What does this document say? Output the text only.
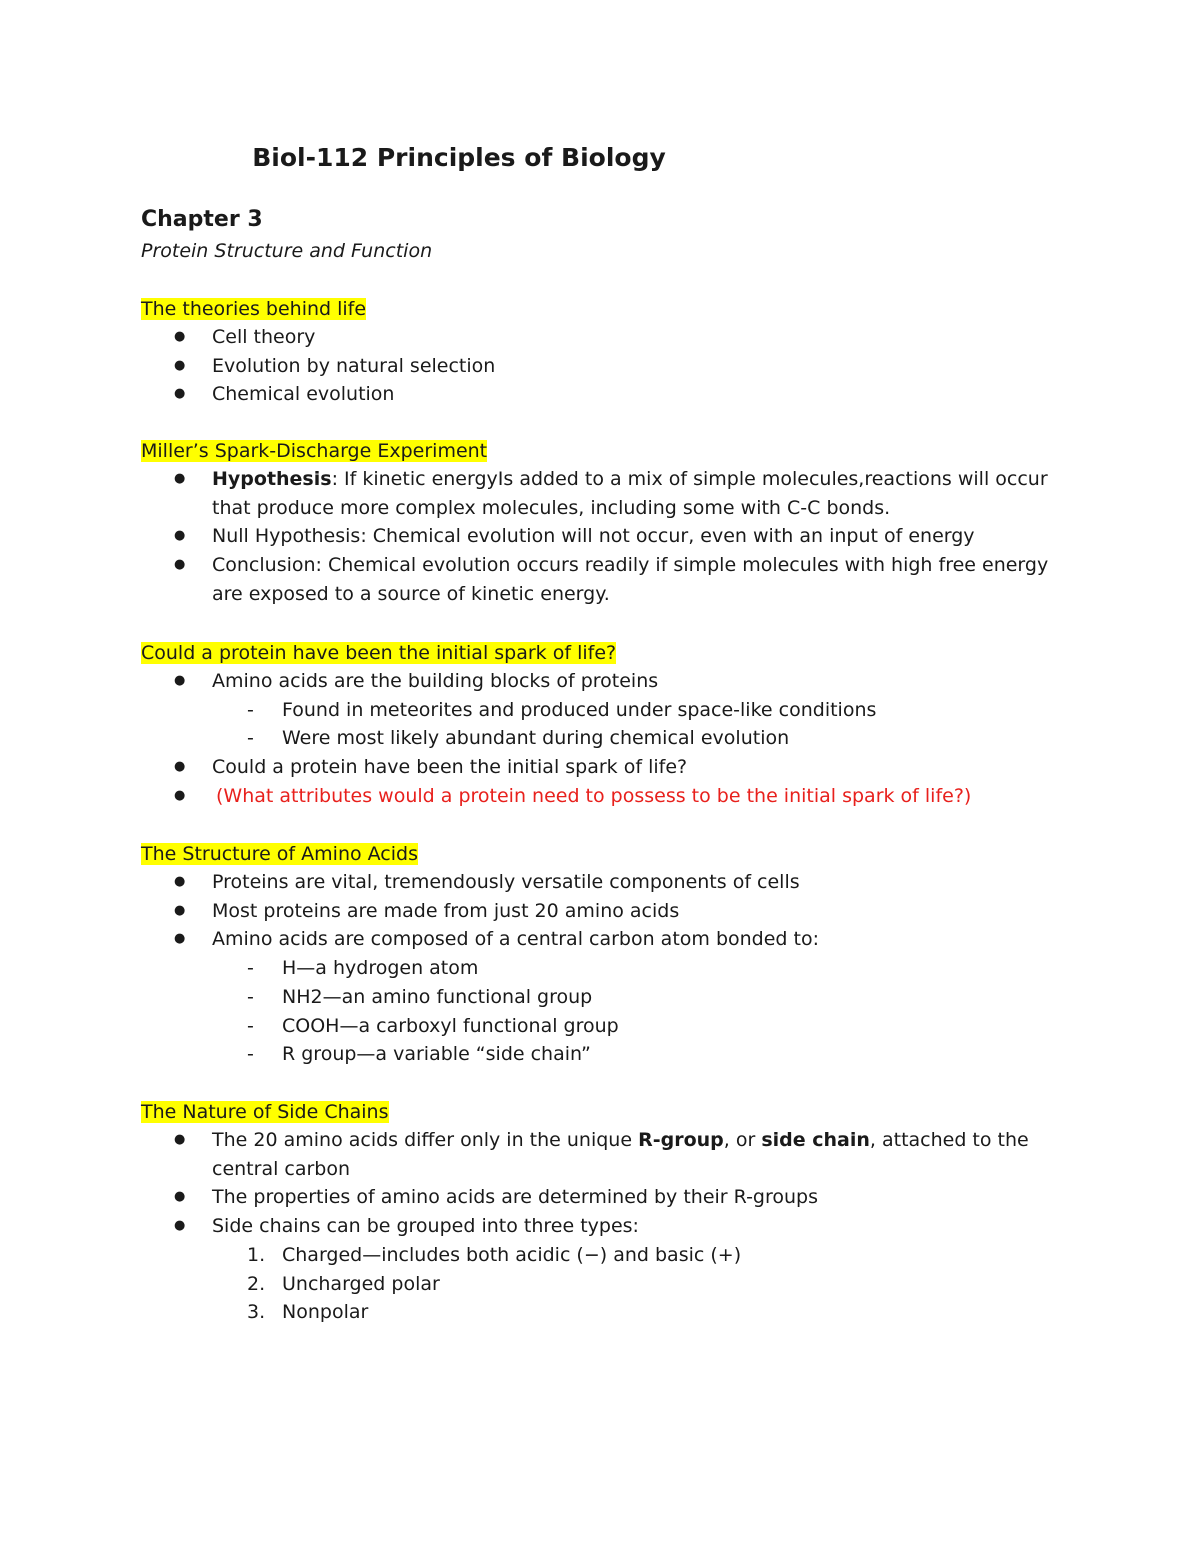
Biol-112 Principles of Biology
Chapter 3

Protein Structure and Function

The theories behind life

● Cell theory
● Evolution by natural selection
● Chemical evolution

Miller’s Spark-Discharge Experiment

● Hypothesis: If kinetic energyIs added to a mix of simple molecules,reactions will occur that produce more complex molecules, including some with C-C bonds.
● Null Hypothesis: Chemical evolution will not occur, even with an input of energy
● Conclusion: Chemical evolution occurs readily if simple molecules with high free energy are exposed to a source of kinetic energy.

Could a protein have been the initial spark of life?

● Amino acids are the building blocks of proteins
- Found in meteorites and produced under space-like conditions
- Were most likely abundant during chemical evolution
● Could a protein have been the initial spark of life?
● (What attributes would a protein need to possess to be the initial spark of life?)

The Structure of Amino Acids

● Proteins are vital, tremendously versatile components of cells
● Most proteins are made from just 20 amino acids
● Amino acids are composed of a central carbon atom bonded to:
- H—a hydrogen atom
- NH2—an amino functional group
- COOH—a carboxyl functional group
- R group—a variable “side chain”

The Nature of Side Chains

● The 20 amino acids differ only in the unique R-group, or side chain, attached to the central carbon
● The properties of amino acids are determined by their R-groups
● Side chains can be grouped into three types:
1. Charged—includes both acidic (−) and basic (+)
2. Uncharged polar
3. Nonpolar
